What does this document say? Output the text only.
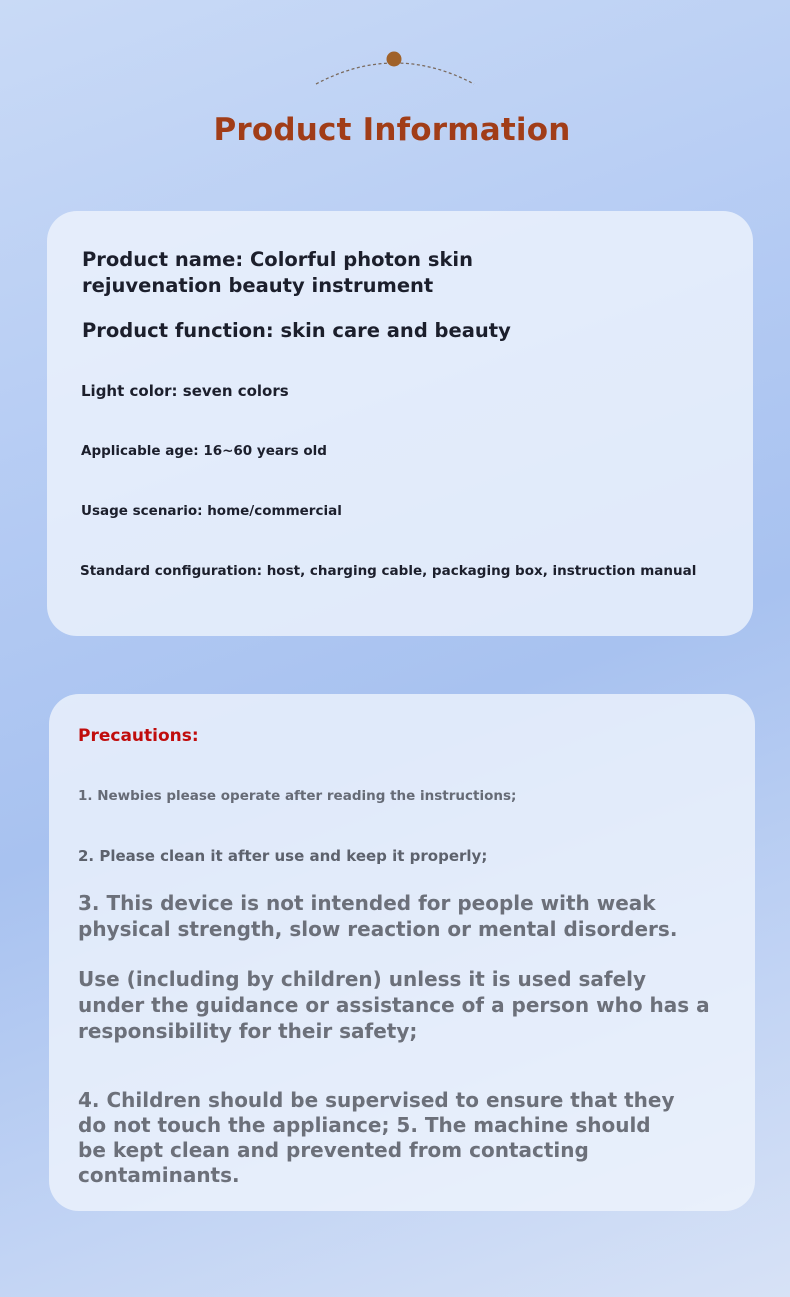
Product Information
Product name: Colorful photon skin rejuvenation beauty instrument
Product function: skin care and beauty
Light color: seven colors
Applicable age: 16~60 years old
Usage scenario: home/commercial
Standard configuration: host, charging cable, packaging box, instruction manual
Precautions:
1. Newbies please operate after reading the instructions;
2. Please clean it after use and keep it properly;
3. This device is not intended for people with weak physical strength, slow reaction or mental disorders.
Use (including by children) unless it is used safely under the guidance or assistance of a person who has a responsibility for their safety;
4. Children should be supervised to ensure that they do not touch the appliance; 5. The machine should be kept clean and prevented from contacting contaminants.
